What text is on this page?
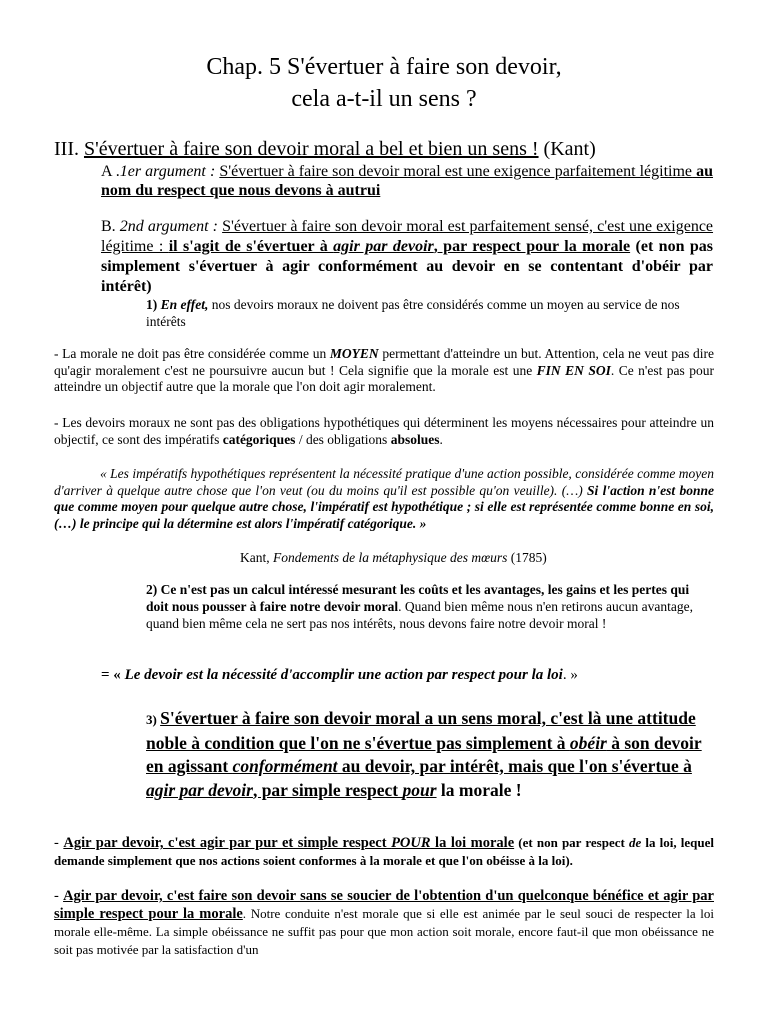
Chap. 5 S'évertuer à faire son devoir,
cela a-t-il un sens ?
III. S'évertuer à faire son devoir moral a bel et bien un sens ! (Kant)
A .1er argument : S'évertuer à faire son devoir moral est une exigence parfaitement légitime au nom du respect que nous devons à autrui
B. 2nd argument : S'évertuer à faire son devoir moral est parfaitement sensé, c'est une exigence légitime : il s'agit de s'évertuer à agir par devoir, par respect pour la morale (et non pas simplement s'évertuer à agir conformément au devoir en se contentant d'obéir par intérêt)
1) En effet, nos devoirs moraux ne doivent pas être considérés comme un moyen au service de nos intérêts
- La morale ne doit pas être considérée comme un MOYEN permettant d'atteindre un but. Attention, cela ne veut pas dire qu'agir moralement c'est ne poursuivre aucun but ! Cela signifie que la morale est une FIN EN SOI. Ce n'est pas pour atteindre un objectif autre que la morale que l'on doit agir moralement.
- Les devoirs moraux ne sont pas des obligations hypothétiques qui déterminent les moyens nécessaires pour atteindre un objectif, ce sont des impératifs catégoriques / des obligations absolues.
« Les impératifs hypothétiques représentent la nécessité pratique d'une action possible, considérée comme moyen d'arriver à quelque autre chose que l'on veut (ou du moins qu'il est possible qu'on veuille). (…) Si l'action n'est bonne que comme moyen pour quelque autre chose, l'impératif est hypothétique ; si elle est représentée comme bonne en soi, (…) le principe qui la détermine est alors l'impératif catégorique. »
Kant, Fondements de la métaphysique des mœurs (1785)
2) Ce n'est pas un calcul intéressé mesurant les coûts et les avantages, les gains et les pertes qui doit nous pousser à faire notre devoir moral. Quand bien même nous n'en retirons aucun avantage, quand bien même cela ne sert pas nos intérêts, nous devons faire notre devoir moral !
= « Le devoir est la nécessité d'accomplir une action par respect pour la loi. »
3) S'évertuer à faire son devoir moral a un sens moral, c'est là une attitude noble à condition que l'on ne s'évertue pas simplement à obéir à son devoir en agissant conformément au devoir, par intérêt, mais que l'on s'évertue à agir par devoir, par simple respect pour la morale !
- Agir par devoir, c'est agir par pur et simple respect POUR la loi morale (et non par respect de la loi, lequel demande simplement que nos actions soient conformes à la morale et que l'on obéisse à la loi).
- Agir par devoir, c'est faire son devoir sans se soucier de l'obtention d'un quelconque bénéfice et agir par simple respect pour la morale. Notre conduite n'est morale que si elle est animée par le seul souci de respecter la loi morale elle-même. La simple obéissance ne suffit pas pour que mon action soit morale, encore faut-il que mon obéissance ne soit pas motivée par la satisfaction d'un
